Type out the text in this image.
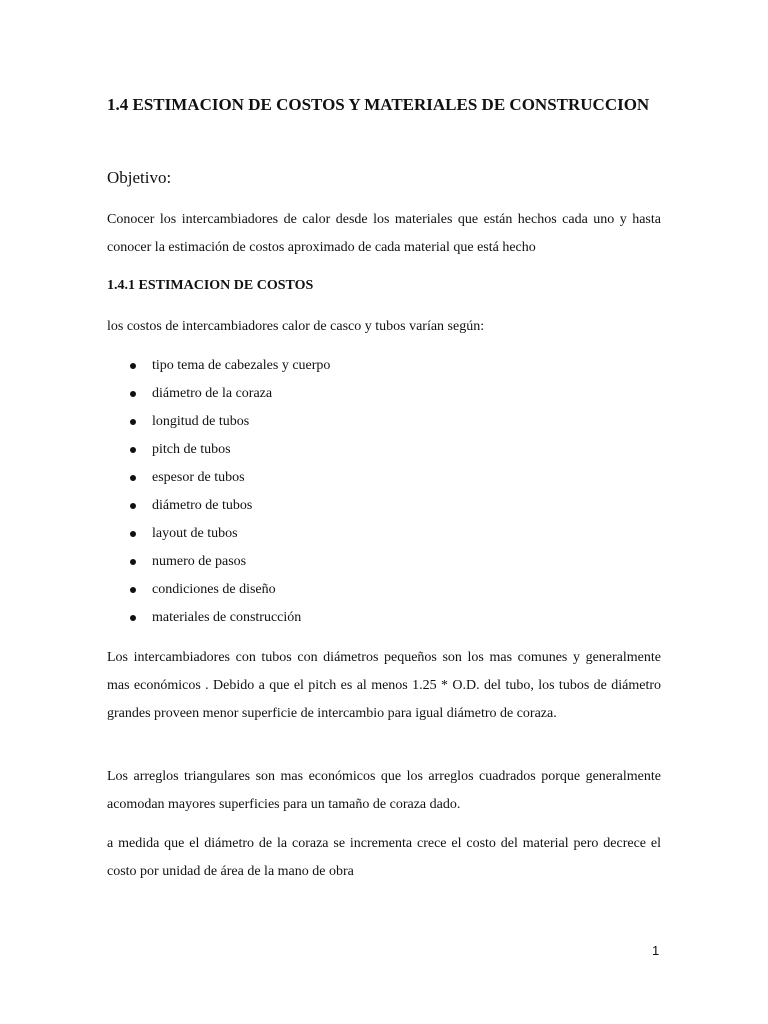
1.4 ESTIMACION DE COSTOS Y MATERIALES DE CONSTRUCCION
Objetivo:
Conocer los intercambiadores de calor desde los materiales que están hechos cada uno y hasta conocer la estimación de costos aproximado de cada material que está hecho
1.4.1 ESTIMACION DE COSTOS
los costos de intercambiadores calor de casco y tubos varían según:
tipo tema de cabezales y cuerpo
diámetro de la coraza
longitud de tubos
pitch de tubos
espesor de tubos
diámetro de tubos
layout de tubos
numero de pasos
condiciones de diseño
materiales de construcción
Los intercambiadores con tubos con diámetros pequeños son los mas comunes y generalmente mas económicos . Debido a que el pitch es al menos 1.25 * O.D. del tubo, los tubos de diámetro grandes proveen menor superficie de intercambio para igual diámetro de coraza.
Los arreglos triangulares son mas económicos que los arreglos cuadrados porque generalmente acomodan mayores superficies para un tamaño de coraza dado.
a medida que el diámetro de la coraza se incrementa crece el costo del material pero decrece el costo por unidad de área de la mano de obra
1
